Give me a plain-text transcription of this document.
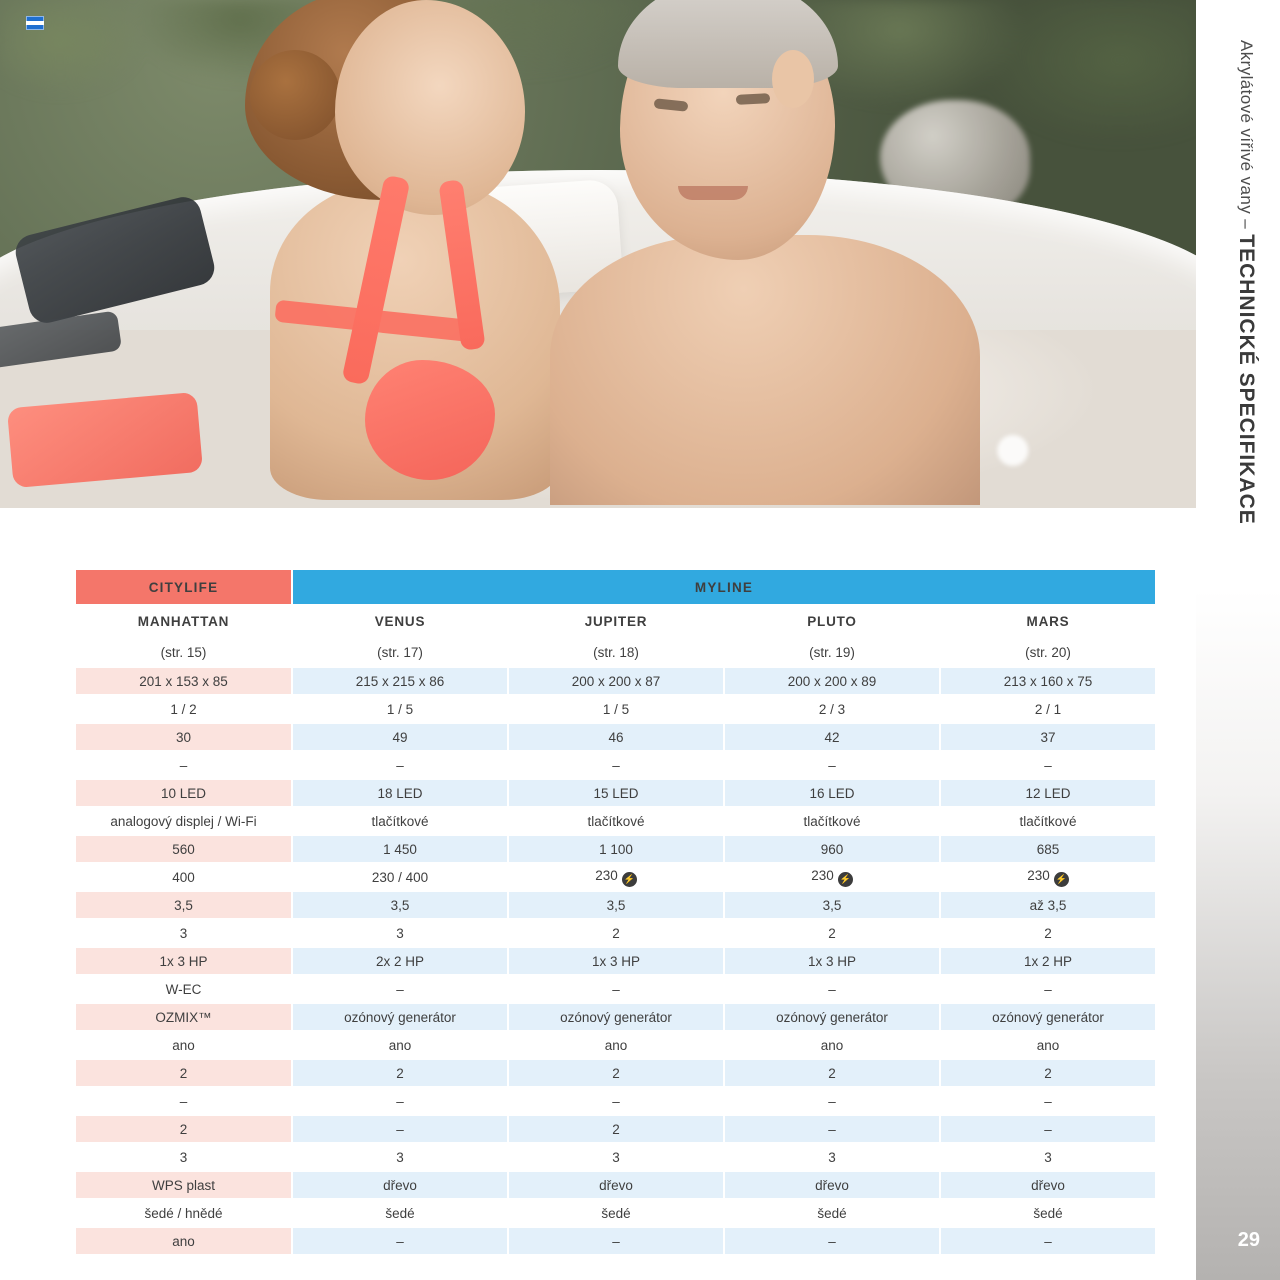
Akrylátové vířivé vany – TECHNICKÉ SPECIFIKACE
29
CITYLIFE	MYLINE			
MANHATTAN	VENUS	JUPITER	PLUTO	MARS
(str. 15)	(str. 17)	(str. 18)	(str. 19)	(str. 20)
201 x 153 x 85	215 x 215 x 86	200 x 200 x 87	200 x 200 x 89	213 x 160 x 75
1 / 2	1 / 5	1 / 5	2 / 3	2 / 1
30	49	46	42	37
–	–	–	–	–
10 LED	18 LED	15 LED	16 LED	12 LED
analogový displej / Wi-Fi	tlačítkové	tlačítkové	tlačítkové	tlačítkové
560	1 450	1 100	960	685
400	230 / 400	230 ⚡	230 ⚡	230 ⚡
3,5	3,5	3,5	3,5	až 3,5
3	3	2	2	2
1x 3 HP	2x 2 HP	1x 3 HP	1x 3 HP	1x 2 HP
W-EC	–	–	–	–
OZMIX™	ozónový generátor	ozónový generátor	ozónový generátor	ozónový generátor
ano	ano	ano	ano	ano
2	2	2	2	2
–	–	–	–	–
2	–	2	–	–
3	3	3	3	3
WPS plast	dřevo	dřevo	dřevo	dřevo
šedé / hnědé	šedé	šedé	šedé	šedé
ano	–	–	–	–
